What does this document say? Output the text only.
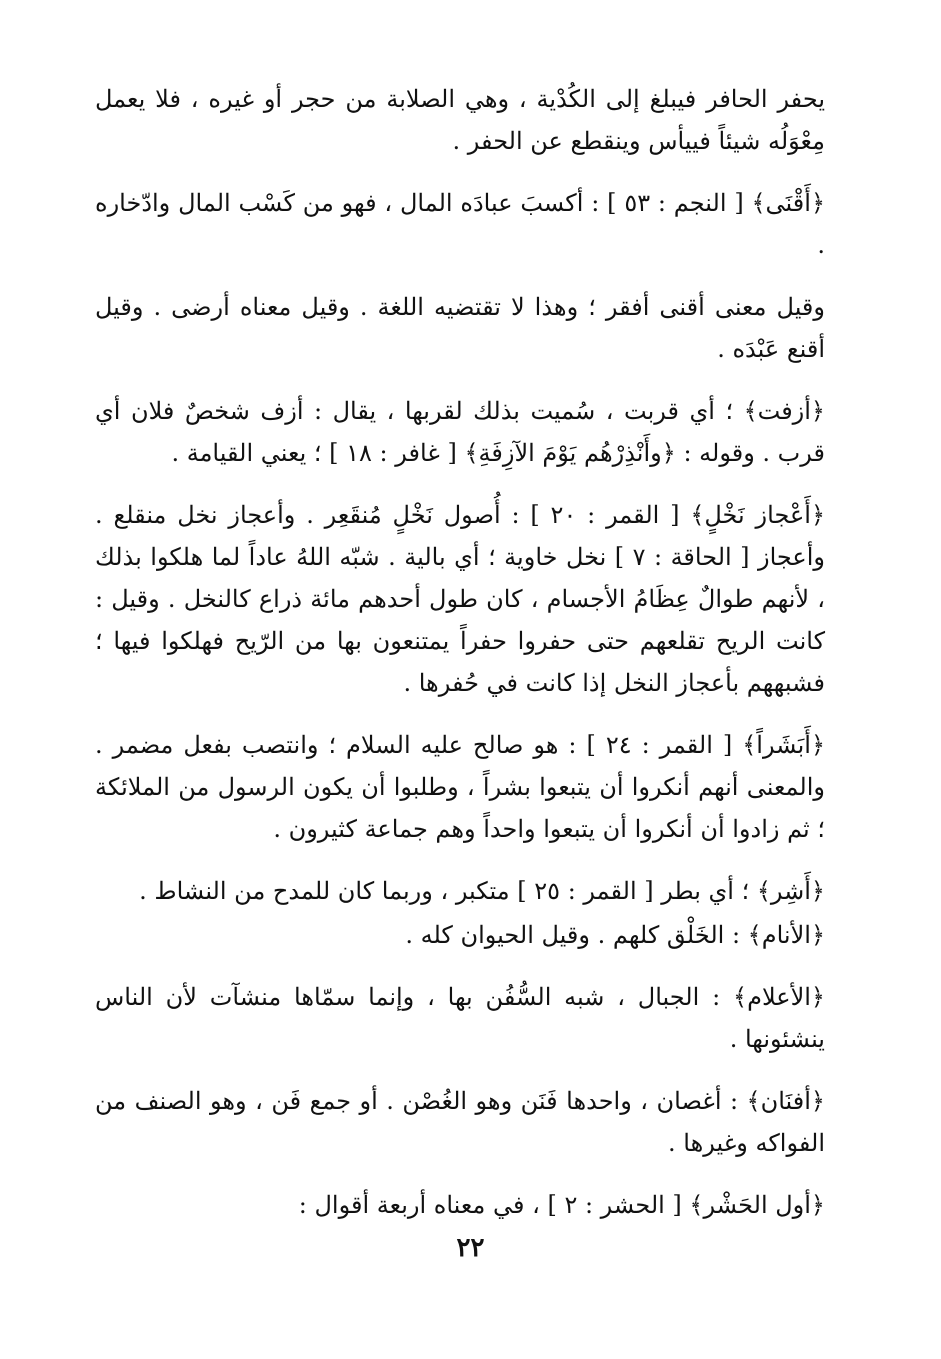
يحفر الحافر فيبلغ إلى الكُدْية ، وهي الصلابة من حجر أو غيره ، فلا يعمل مِعْوَلُه شيئاً فييأس وينقطع عن الحفر .

﴿أَقْنَى﴾ [ النجم : ٥٣ ] : أكسبَ عبادَه المال ، فهو من كَسْب المال وادّخاره .

وقيل معنى أقنى أفقر ؛ وهذا لا تقتضيه اللغة . وقيل معناه أرضى . وقيل أقنع عَبْدَه .

﴿أزفت﴾ ؛ أي قربت ، سُميت بذلك لقربها ، يقال : أزف شخصٌ فلان أي قرب . وقوله : ﴿وأَنْذِرْهُم يَوْمَ الآزِفَةِ﴾ [ غافر : ١٨ ] ؛ يعني القيامة .

﴿أَعْجاز نَخْلٍ﴾ [ القمر : ٢٠ ] : أُصول نَخْلٍ مُنقَعِر . وأعجاز نخل منقلع . وأعجاز [ الحاقة : ٧ ] نخل خاوية ؛ أي بالية . شبّه اللهُ عاداً لما هلكوا بذلك ، لأنهم طوالٌ عِظَامُ الأجسام ، كان طول أحدهم مائة ذراع كالنخل . وقيل : كانت الريح تقلعهم حتى حفروا حفراً يمتنعون بها من الرّيح فهلكوا فيها ؛ فشبههم بأعجاز النخل إذا كانت في حُفرها .

﴿أَبَشَراً﴾ [ القمر : ٢٤ ] : هو صالح عليه السلام ؛ وانتصب بفعل مضمر . والمعنى أنهم أنكروا أن يتبعوا بشراً ، وطلبوا أن يكون الرسول من الملائكة ؛ ثم زادوا أن أنكروا أن يتبعوا واحداً وهم جماعة كثيرون .

﴿أَشِر﴾ ؛ أي بطر [ القمر : ٢٥ ] متكبر ، وربما كان للمدح من النشاط .

﴿الأنام﴾ : الخَلْق كلهم . وقيل الحيوان كله .

﴿الأعلام﴾ : الجبال ، شبه السُّفُن بها ، وإنما سمّاها منشآت لأن الناس ينشئونها .

﴿أفنَان﴾ : أغصان ، واحدها فَنَن وهو الغُصْن . أو جمع فَن ، وهو الصنف من الفواكه وغيرها .

﴿أول الحَشْر﴾ [ الحشر : ٢ ] ، في معناه أربعة أقوال :

٢٢
